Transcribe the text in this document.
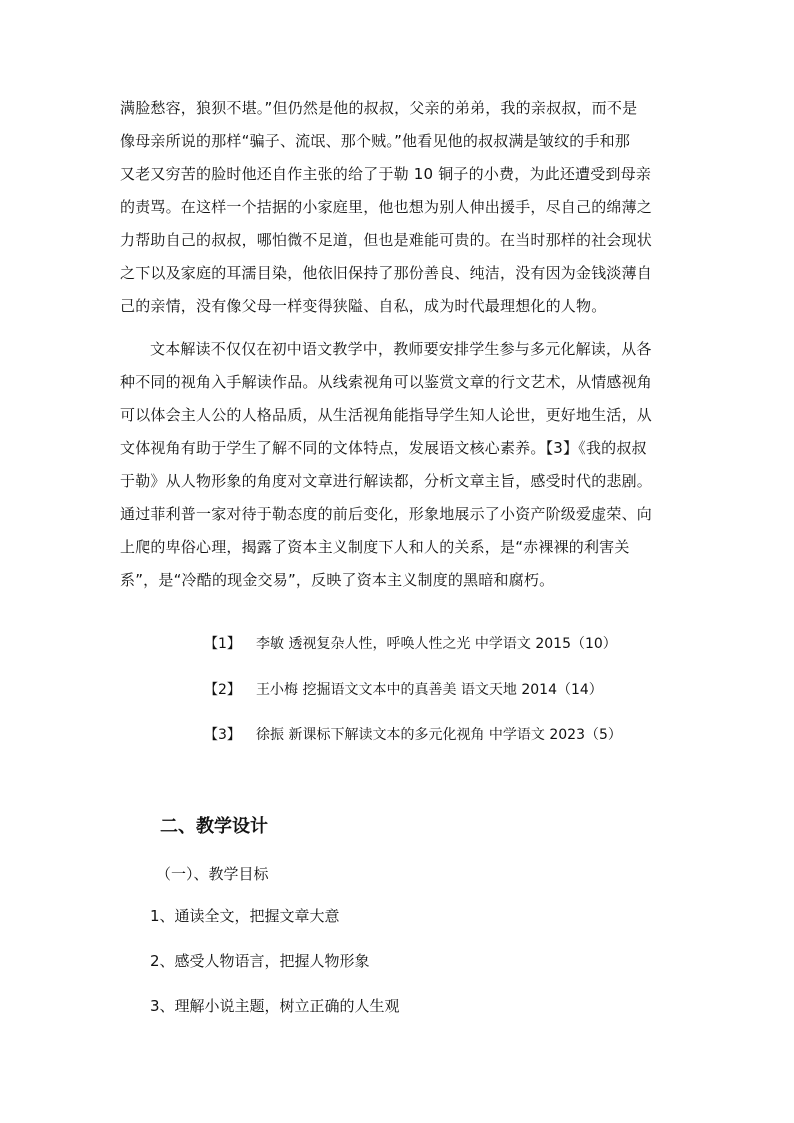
满脸愁容，狼狈不堪。”但仍然是他的叔叔，父亲的弟弟，我的亲叔叔，而不是
像母亲所说的那样“骗子、流氓、那个贼。”他看见他的叔叔满是皱纹的手和那
又老又穷苦的脸时他还自作主张的给了于勒 10 铜子的小费，为此还遭受到母亲
的责骂。在这样一个拮据的小家庭里，他也想为别人伸出援手，尽自己的绵薄之
力帮助自己的叔叔，哪怕微不足道，但也是难能可贵的。在当时那样的社会现状
之下以及家庭的耳濡目染，他依旧保持了那份善良、纯洁，没有因为金钱淡薄自
己的亲情，没有像父母一样变得狭隘、自私，成为时代最理想化的人物。
文本解读不仅仅在初中语文教学中，教师要安排学生参与多元化解读，从各
种不同的视角入手解读作品。从线索视角可以鉴赏文章的行文艺术，从情感视角
可以体会主人公的人格品质，从生活视角能指导学生知人论世，更好地生活，从
文体视角有助于学生了解不同的文体特点，发展语文核心素养。【3】《我的叔叔
于勒》从人物形象的角度对文章进行解读都，分析文章主旨，感受时代的悲剧。
通过菲利普一家对待于勒态度的前后变化，形象地展示了小资产阶级爱虚荣、向
上爬的卑俗心理，揭露了资本主义制度下人和人的关系，是“赤裸裸的利害关
系”，是“冷酷的现金交易”，反映了资本主义制度的黑暗和腐朽。
【1】 李敏 透视复杂人性，呼唤人性之光 中学语文 2015（10）
【2】 王小梅 挖掘语文文本中的真善美 语文天地 2014（14）
【3】 徐振 新课标下解读文本的多元化视角 中学语文 2023（5）
二、教学设计
（一）、教学目标
1、通读全文，把握文章大意
2、感受人物语言，把握人物形象
3、理解小说主题，树立正确的人生观
